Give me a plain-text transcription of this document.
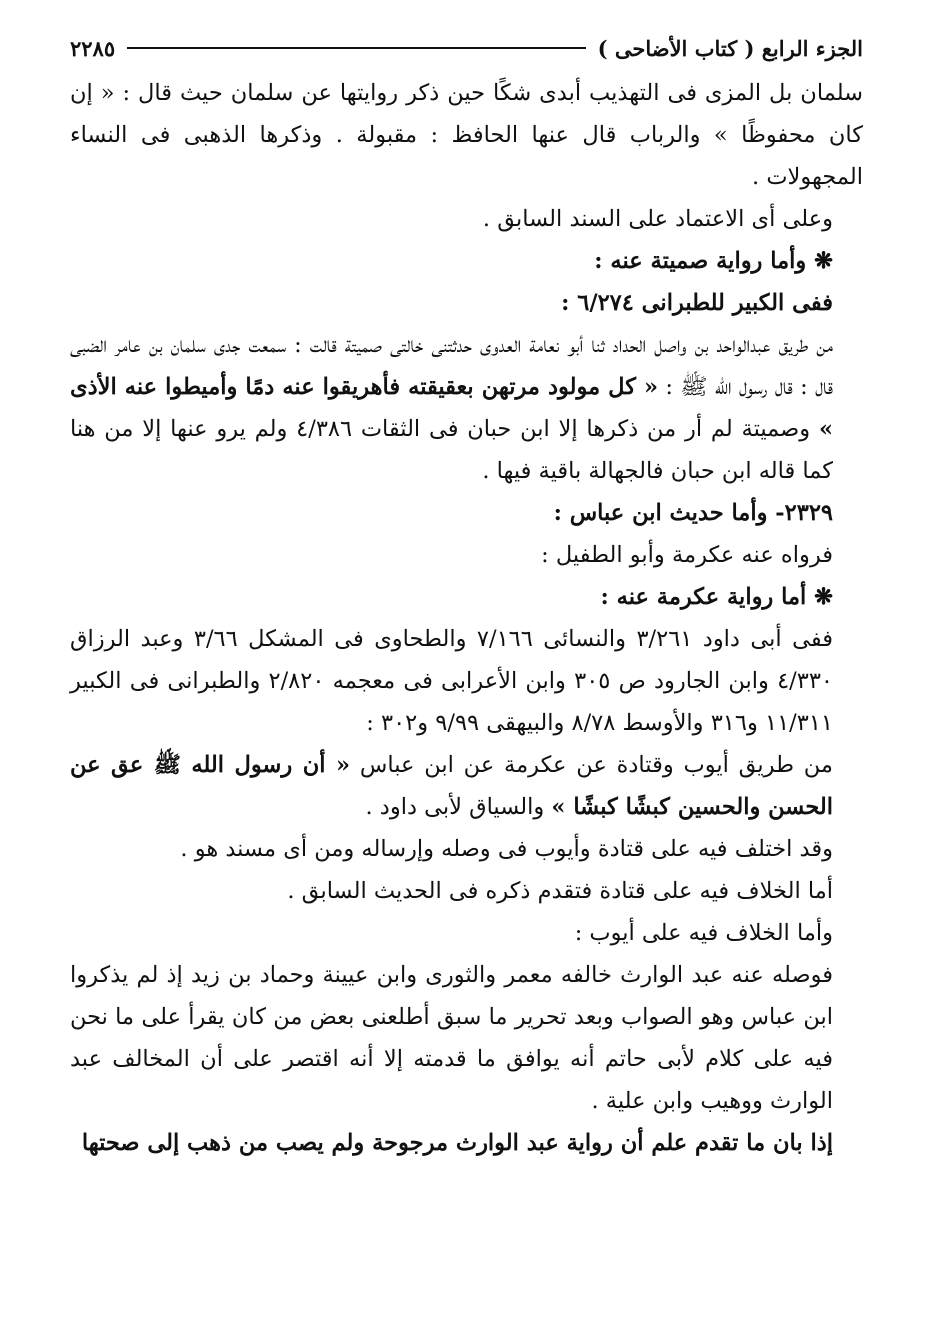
الجزء الرابع ( كتاب الأضاحى )
٢٢٨٥

سلمان بل المزى فى التهذيب أبدى شكًا حين ذكر روايتها عن سلمان حيث قال : « إن كان محفوظًا » والرباب قال عنها الحافظ : مقبولة . وذكرها الذهبى فى النساء المجهولات .

وعلى أى الاعتماد على السند السابق .

❋ وأما رواية صميتة عنه :

ففى الكبير للطبرانى ٦/٢٧٤ :

من طريق عبدالواحد بن واصل الحداد ثنا أبو نعامة العدوى حدثتنى خالتى صميتة قالت : سمعت جدى سلمان بن عامر الضبى قال : قال رسول الله ﷺ : « كل مولود مرتهن بعقيقته فأهريقوا عنه دمًا وأميطوا عنه الأذى » وصميتة لم أر من ذكرها إلا ابن حبان فى الثقات ٤/٣٨٦ ولم يرو عنها إلا من هنا كما قاله ابن حبان فالجهالة باقية فيها .

٢٣٢٩- وأما حديث ابن عباس :

فرواه عنه عكرمة وأبو الطفيل :

❋ أما رواية عكرمة عنه :

ففى أبى داود ٣/٢٦١ والنسائى ٧/١٦٦ والطحاوى فى المشكل ٣/٦٦ وعبد الرزاق ٤/٣٣٠ وابن الجارود ص ٣٠٥ وابن الأعرابى فى معجمه ٢/٨٢٠ والطبرانى فى الكبير ١١/٣١١ و٣١٦ والأوسط ٨/٧٨ والبيهقى ٩/٩٩ و٣٠٢ :

من طريق أيوب وقتادة عن عكرمة عن ابن عباس « أن رسول الله ﷺ عق عن الحسن والحسين كبشًا كبشًا » والسياق لأبى داود .

وقد اختلف فيه على قتادة وأيوب فى وصله وإرساله ومن أى مسند هو .

أما الخلاف فيه على قتادة فتقدم ذكره فى الحديث السابق .

وأما الخلاف فيه على أيوب :

فوصله عنه عبد الوارث خالفه معمر والثورى وابن عيينة وحماد بن زيد إذ لم يذكروا ابن عباس وهو الصواب وبعد تحرير ما سبق أطلعنى بعض من كان يقرأ على ما نحن فيه على كلام لأبى حاتم أنه يوافق ما قدمته إلا أنه اقتصر على أن المخالف عبد الوارث ووهيب وابن علية .

إذا بان ما تقدم علم أن رواية عبد الوارث مرجوحة ولم يصب من ذهب إلى صحتها
